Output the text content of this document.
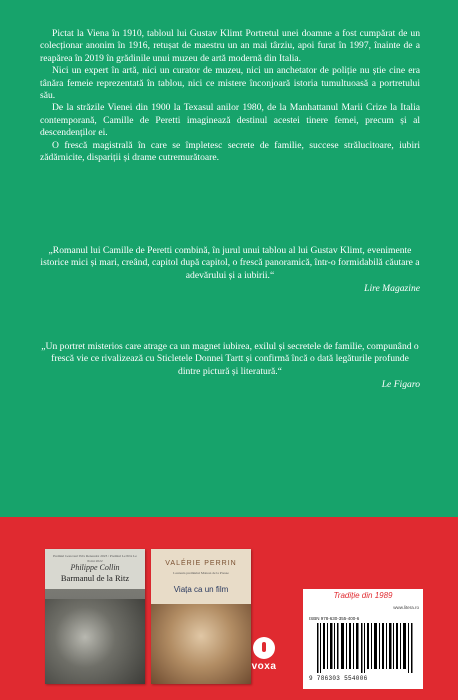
Pictat la Viena în 1910, tabloul lui Gustav Klimt Portretul unei doamne a fost cumpărat de un colecționar anonim în 1916, retușat de maestru un an mai târziu, apoi furat în 1997, înainte de a reapărea în 2019 în grădinile unui muzeu de artă modernă din Italia.

Nici un expert în artă, nici un curator de muzeu, nici un anchetator de poliție nu știe cine era tânăra femeie reprezentată în tablou, nici ce mistere înconjoară istoria tumultuoasă a portretului său.

De la străzile Vienei din 1900 la Texasul anilor 1980, de la Manhattanul Marii Crize la Italia contemporană, Camille de Peretti imaginează destinul acestei tinere femei, precum și al descendenților ei.

O frescă magistrală în care se împletesc secrete de familie, succese strălucitoare, iubiri zădărnicite, dispariții și drame cutremurătoare.

„Romanul lui Camille de Peretti combină, în jurul unui tablou al lui Gustav Klimt, evenimente istorice mici și mari, creând, capitol după capitol, o frescă panoramică, într-o formidabilă căutare a adevărului și a iubirii.“

Lire Magazine

„Un portret misterios care atrage ca un magnet iubirea, exilul și secretele de familie, compunând o frescă vie ce rivalizează cu Sticletele Donnei Tartt și confirmă încă o dată legăturile profunde dintre pictură și literatură.“

Le Figaro
Premiul Goncourt Prix Renaudot 2023 / Premiul Le Prix Le Point 2022
Philippe Collin
Barmanul de la Ritz
VALÉRIE PERRIN
Laureata premiului Maison de la Presse
Viața ca un film
voxa
Tradiție din 1989
www.litera.ro
ISBN 978-630-355-400-6
9 786303 554006
